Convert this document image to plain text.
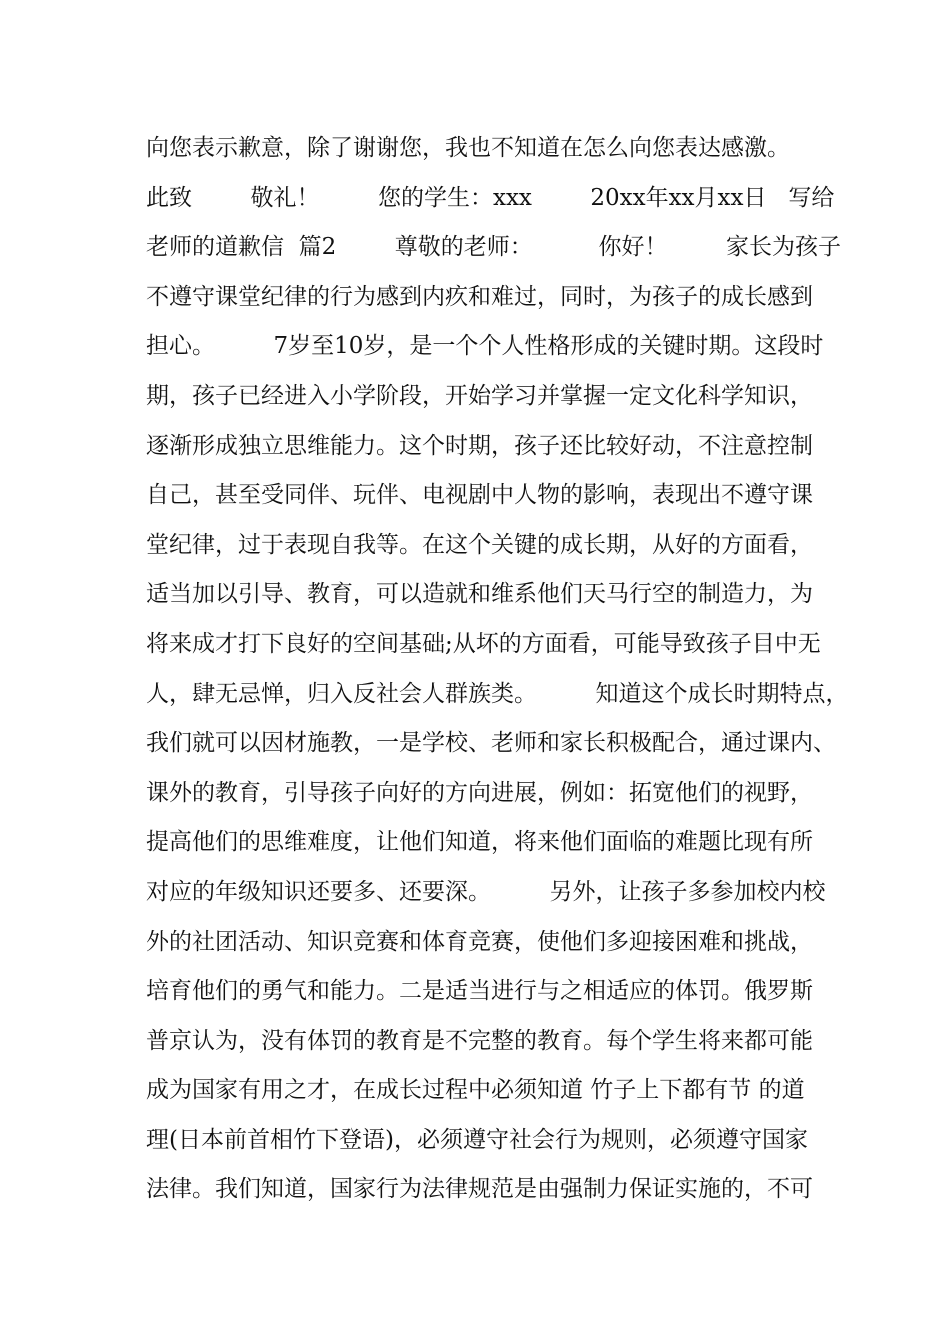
向您表示歉意，除了谢谢您，我也不知道在怎么向您表达感激。
此致        敬礼！        您的学生：xxx        20xx年xx月xx日   写给
老师的道歉信  篇2        尊敬的老师：         你好！        家长为孩子
不遵守课堂纪律的行为感到内疚和难过，同时，为孩子的成长感到
担心。        7岁至10岁，是一个个人性格形成的关键时期。这段时
期，孩子已经进入小学阶段，开始学习并掌握一定文化科学知识，
逐渐形成独立思维能力。这个时期，孩子还比较好动，不注意控制
自己，甚至受同伴、玩伴、电视剧中人物的影响，表现出不遵守课
堂纪律，过于表现自我等。在这个关键的成长期，从好的方面看，
适当加以引导、教育，可以造就和维系他们天马行空的制造力，为
将来成才打下良好的空间基础;从坏的方面看，可能导致孩子目中无
人，肆无忌惮，归入反社会人群族类。        知道这个成长时期特点，
我们就可以因材施教，一是学校、老师和家长积极配合，通过课内、
课外的教育，引导孩子向好的方向进展，例如：拓宽他们的视野，
提高他们的思维难度，让他们知道，将来他们面临的难题比现有所
对应的年级知识还要多、还要深。        另外，让孩子多参加校内校
外的社团活动、知识竞赛和体育竞赛，使他们多迎接困难和挑战，
培育他们的勇气和能力。二是适当进行与之相适应的体罚。俄罗斯
普京认为，没有体罚的教育是不完整的教育。每个学生将来都可能
成为国家有用之才，在成长过程中必须知道 竹子上下都有节 的道
理(日本前首相竹下登语)，必须遵守社会行为规则，必须遵守国家
法律。我们知道，国家行为法律规范是由强制力保证实施的，不可
